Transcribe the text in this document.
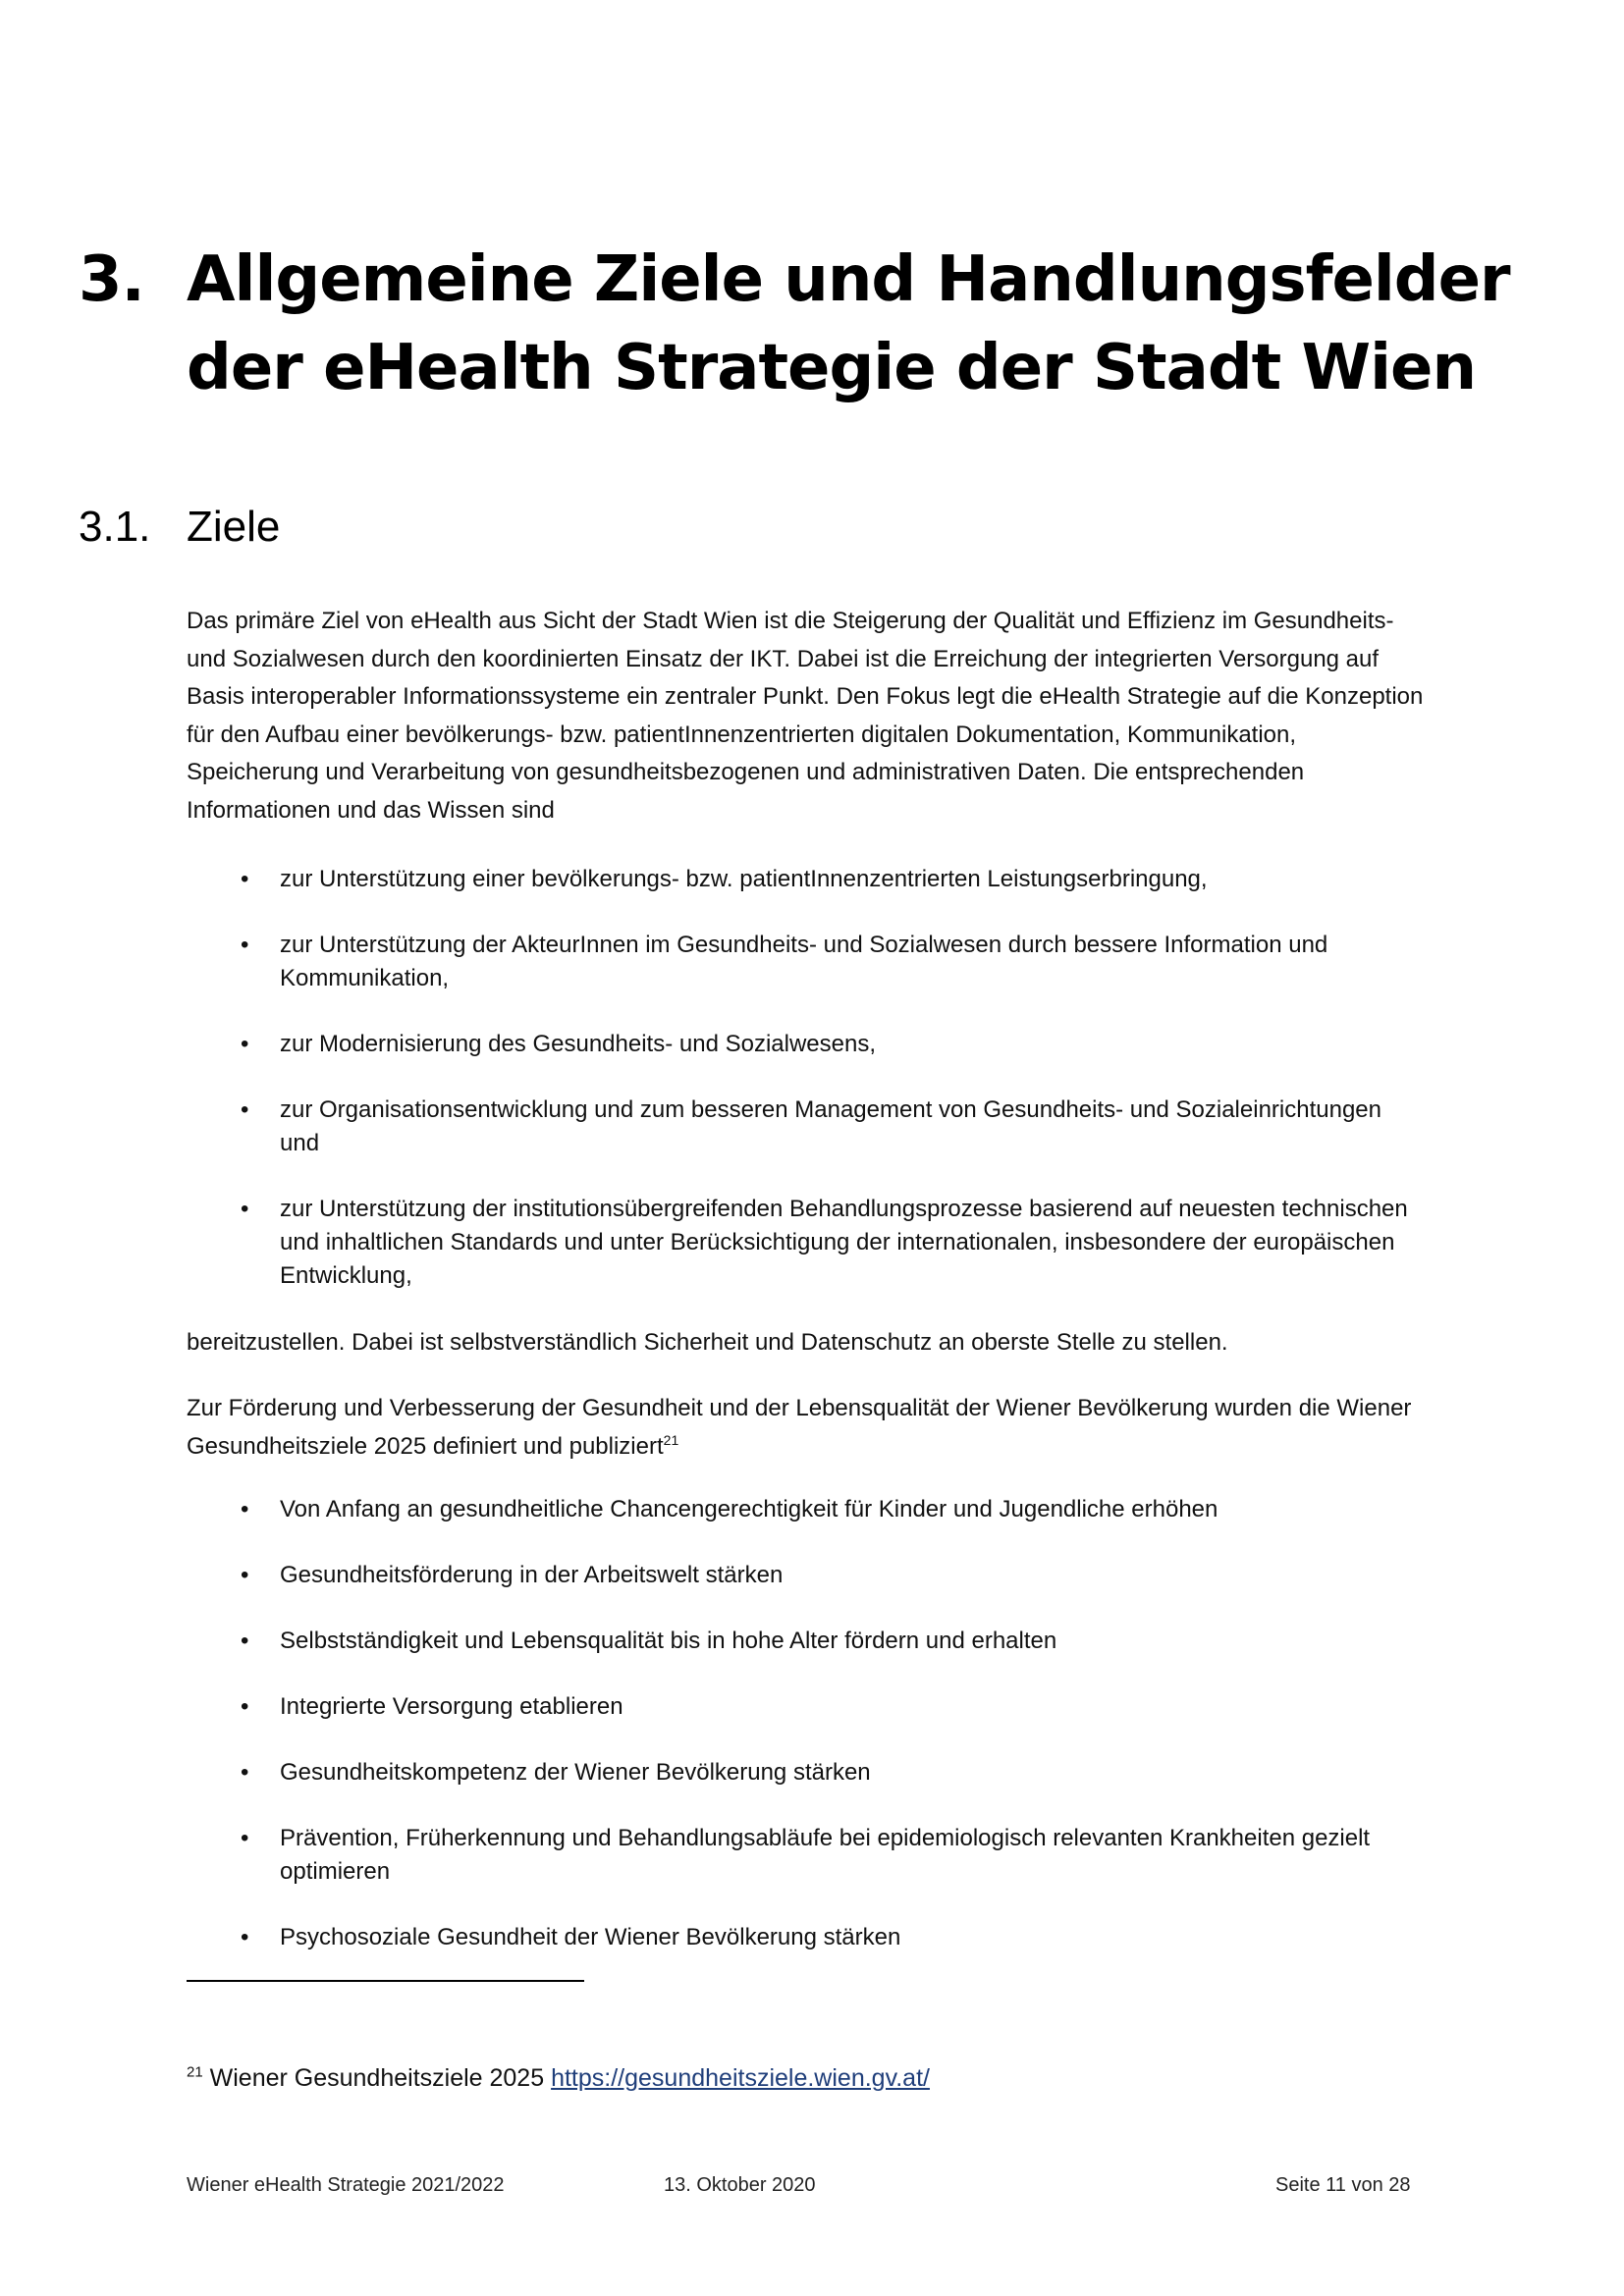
3. Allgemeine Ziele und Handlungsfelder
der eHealth Strategie der Stadt Wien
3.1. Ziele
Das primäre Ziel von eHealth aus Sicht der Stadt Wien ist die Steigerung der Qualität und Effizienz im Gesundheits-
und Sozialwesen durch den koordinierten Einsatz der IKT. Dabei ist die Erreichung der integrierten Versorgung auf
Basis interoperabler Informationssysteme ein zentraler Punkt. Den Fokus legt die eHealth Strategie auf die Konzeption
für den Aufbau einer bevölkerungs- bzw. patientInnenzentrierten digitalen Dokumentation, Kommunikation,
Speicherung und Verarbeitung von gesundheitsbezogenen und administrativen Daten. Die entsprechenden
Informationen und das Wissen sind
• zur Unterstützung einer bevölkerungs- bzw. patientInnenzentrierten Leistungserbringung,
• zur Unterstützung der AkteurInnen im Gesundheits- und Sozialwesen durch bessere Information und
Kommunikation,
• zur Modernisierung des Gesundheits- und Sozialwesens,
• zur Organisationsentwicklung und zum besseren Management von Gesundheits- und Sozialeinrichtungen
und
• zur Unterstützung der institutionsübergreifenden Behandlungsprozesse basierend auf neuesten technischen
und inhaltlichen Standards und unter Berücksichtigung der internationalen, insbesondere der europäischen
Entwicklung,
bereitzustellen. Dabei ist selbstverständlich Sicherheit und Datenschutz an oberste Stelle zu stellen.
Zur Förderung und Verbesserung der Gesundheit und der Lebensqualität der Wiener Bevölkerung wurden die Wiener
Gesundheitsziele 2025 definiert und publiziert$^{21}$
• Von Anfang an gesundheitliche Chancengerechtigkeit für Kinder und Jugendliche erhöhen
• Gesundheitsförderung in der Arbeitswelt stärken
• Selbstständigkeit und Lebensqualität bis in hohe Alter fördern und erhalten
• Integrierte Versorgung etablieren
• Gesundheitskompetenz der Wiener Bevölkerung stärken
• Prävention, Früherkennung und Behandlungsabläufe bei epidemiologisch relevanten Krankheiten gezielt
optimieren
• Psychosoziale Gesundheit der Wiener Bevölkerung stärken
$^{21}$ Wiener Gesundheitsziele 2025 https://gesundheitsziele.wien.gv.at/
Wiener eHealth Strategie 2021/2022	13. Oktober 2020	Seite 11 von 28
